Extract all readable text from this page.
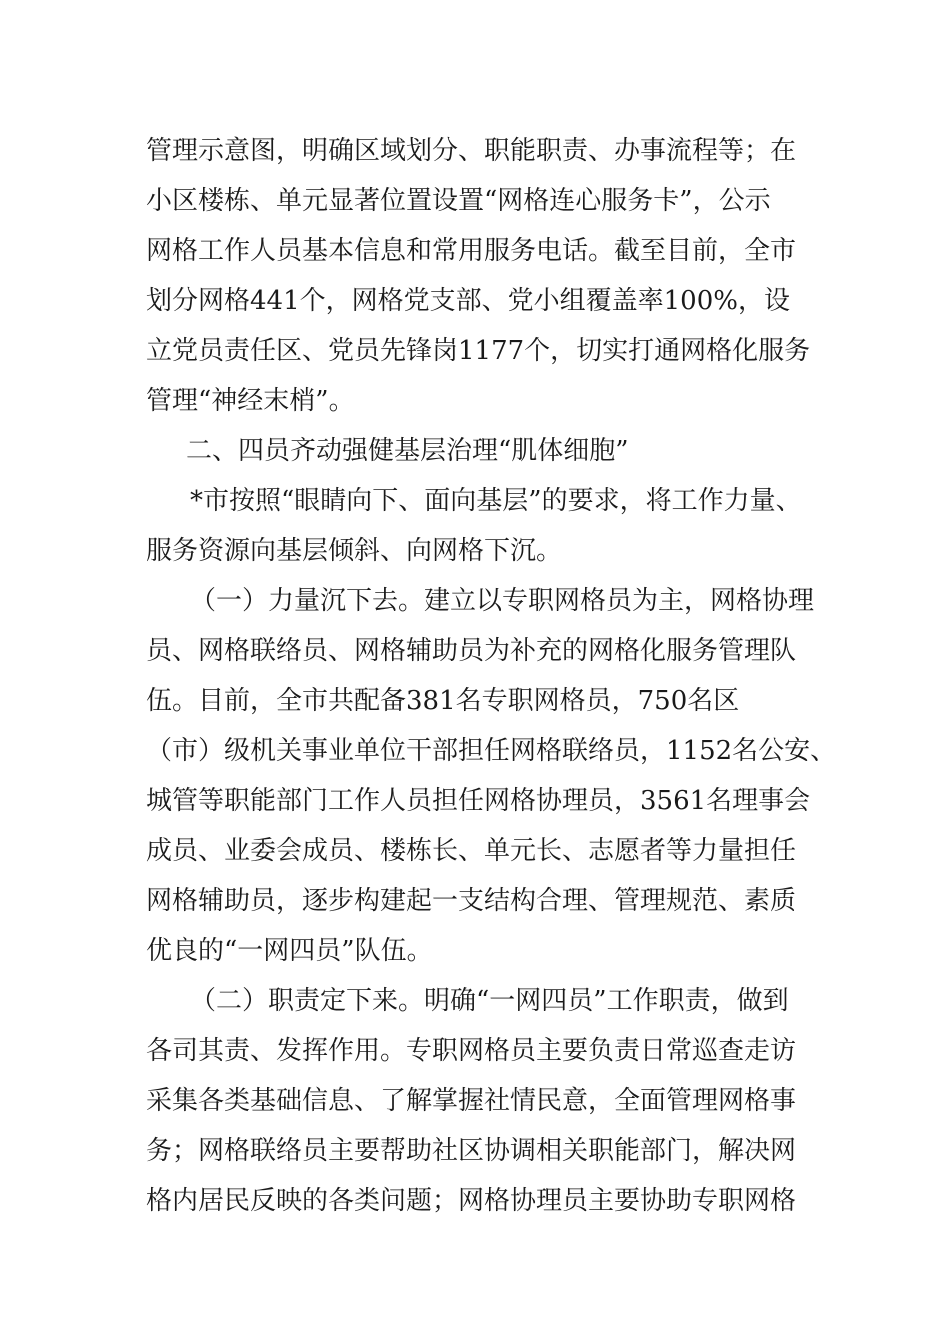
管理示意图，明确区域划分、职能职责、办事流程等；在
小区楼栋、单元显著位置设置“网格连心服务卡”，公示
网格工作人员基本信息和常用服务电话。截至目前，全市
划分网格441个，网格党支部、党小组覆盖率100%，设
立党员责任区、党员先锋岗1177个，切实打通网格化服务
管理“神经末梢”。
二、四员齐动强健基层治理“肌体细胞”
*市按照“眼睛向下、面向基层”的要求，将工作力量、
服务资源向基层倾斜、向网格下沉。
（一）力量沉下去。建立以专职网格员为主，网格协理
员、网格联络员、网格辅助员为补充的网格化服务管理队
伍。目前，全市共配备381名专职网格员，750名区
（市）级机关事业单位干部担任网格联络员，1152名公安、
城管等职能部门工作人员担任网格协理员，3561名理事会
成员、业委会成员、楼栋长、单元长、志愿者等力量担任
网格辅助员，逐步构建起一支结构合理、管理规范、素质
优良的“一网四员”队伍。
（二）职责定下来。明确“一网四员”工作职责，做到
各司其责、发挥作用。专职网格员主要负责日常巡查走访
采集各类基础信息、了解掌握社情民意，全面管理网格事
务；网格联络员主要帮助社区协调相关职能部门，解决网
格内居民反映的各类问题；网格协理员主要协助专职网格
